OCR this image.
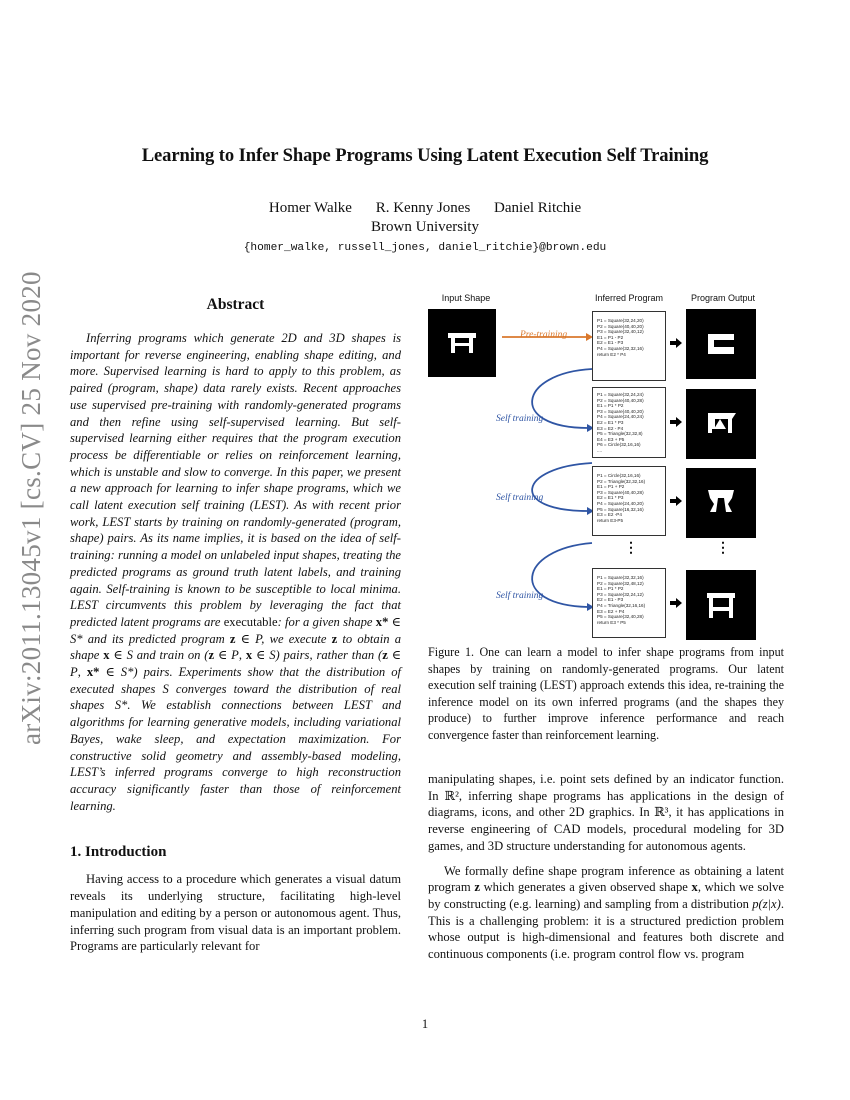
arXiv:2011.13045v1 [cs.CV] 25 Nov 2020
Learning to Infer Shape Programs Using Latent Execution Self Training
Homer Walke R. Kenny Jones Daniel Ritchie
Brown University
{homer_walke, russell_jones, daniel_ritchie}@brown.edu
Abstract

Inferring programs which generate 2D and 3D shapes is important for reverse engineering, enabling shape editing, and more. Supervised learning is hard to apply to this problem, as paired (program, shape) data rarely exists. Recent approaches use supervised pre-training with randomly-generated programs and then refine using self-supervised learning. But self-supervised learning either requires that the program execution process be differentiable or relies on reinforcement learning, which is unstable and slow to converge. In this paper, we present a new approach for learning to infer shape programs, which we call latent execution self training (LEST). As with recent prior work, LEST starts by training on randomly-generated (program, shape) pairs. As its name implies, it is based on the idea of self-training: running a model on unlabeled input shapes, treating the predicted programs as ground truth latent labels, and training again. Self-training is known to be susceptible to local minima. LEST circumvents this problem by leveraging the fact that predicted latent programs are executable: for a given shape x* ∈ S* and its predicted program z ∈ P, we execute z to obtain a shape x ∈ S and train on (z ∈ P, x ∈ S) pairs, rather than (z ∈ P, x* ∈ S*) pairs. Experiments show that the distribution of executed shapes S converges toward the distribution of real shapes S*. We establish connections between LEST and algorithms for learning generative models, including variational Bayes, wake sleep, and expectation maximization. For constructive solid geometry and assembly-based modeling, LEST’s inferred programs converge to high reconstruction accuracy significantly faster than those of reinforcement learning.

1. Introduction

Having access to a procedure which generates a visual datum reveals its underlying structure, facilitating high-level manipulation and editing by a person or autonomous agent. Thus, inferring such program from visual data is an important problem. Programs are particularly relevant for

Input Shape	Inferred Program	Program Output
Pre-training
Self training
Self training
Self training
P1 = Square(32,24,20)
P2 = Square(40,40,20)
P3 = Square(32,40,12)
E1 = P1 - P2
E2 = E1 - P3
P4 = Square(32,32,16)
return E2 * P4
P1 = Square(32,24,24)
P2 = Square(40,40,28)
E1 = P1 * P2
P3 = Square(40,40,20)
P4 = Square(24,40,24)
E2 = E1 * P3
E3 = E2 - P4
P5 = Triangle(32,32,8)
E4 = E3 + P5
P6 = Circle(32,16,16)
....
P1 = Circle(32,16,16)
P2 = Triangle(32,32,16)
E1 = P1 + P2
P3 = Square(40,40,28)
E2 = E1 * P3
P4 = Square(24,40,20)
P5 = Square(16,32,16)
E3 = E2 -P4
return E3-P5
P1 = Square(32,32,16)
P2 = Square(32,48,12)
E1 = P1 * P2
P3 = Square(32,24,12)
E2 = E1 - P3
P4 = Triangle(32,16,16)
E3 = E2 + P4
P5 = Square(32,40,28)
return E3 * P5
⋮	⋮

Figure 1. One can learn a model to infer shape programs from input shapes by training on randomly-generated programs. Our latent execution self training (LEST) approach extends this idea, re-training the inference model on its own inferred programs (and the shapes they produce) to further improve inference performance and reach convergence faster than reinforcement learning.

manipulating shapes, i.e. point sets defined by an indicator function. In ℝ², inferring shape programs has applications in the design of diagrams, icons, and other 2D graphics. In ℝ³, it has applications in reverse engineering of CAD models, procedural modeling for 3D games, and 3D structure understanding for autonomous agents.

We formally define shape program inference as obtaining a latent program z which generates a given observed shape x, which we solve by constructing (e.g. learning) and sampling from a distribution p(z|x). This is a challenging problem: it is a structured prediction problem whose output is high-dimensional and features both discrete and continuous components (i.e. program control flow vs. program

1
